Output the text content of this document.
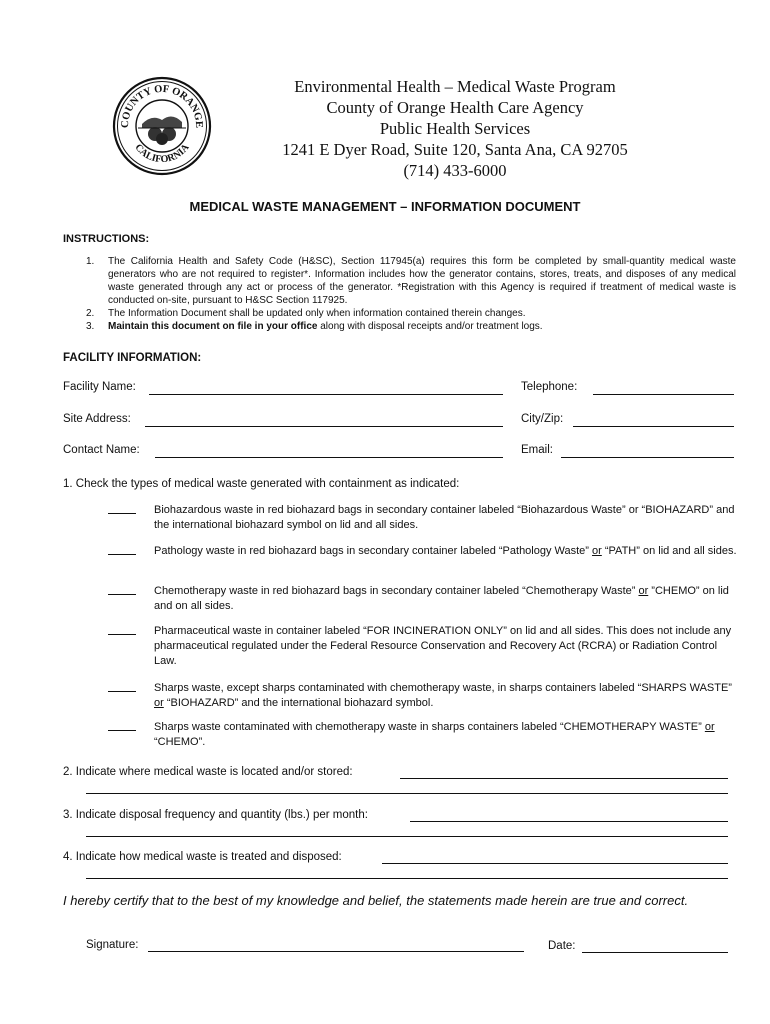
COUNTY OF ORANGE
CALIFORNIA
Environmental Health – Medical Waste Program
County of Orange Health Care Agency
Public Health Services
1241 E Dyer Road, Suite 120, Santa Ana, CA 92705
(714) 433-6000
MEDICAL WASTE MANAGEMENT – INFORMATION DOCUMENT
INSTRUCTIONS:
1.	The California Health and Safety Code (H&SC), Section 117945(a) requires this form be completed by small-quantity medical waste generators who are not required to register*. Information includes how the generator contains, stores, treats, and disposes of any medical waste generated through any act or process of the generator. *Registration with this Agency is required if treatment of medical waste is conducted on-site, pursuant to H&SC Section 117925.
2.	The Information Document shall be updated only when information contained therein changes.
3.	Maintain this document on file in your office along with disposal receipts and/or treatment logs.
FACILITY INFORMATION:
Facility Name:	Telephone:
Site Address:	City/Zip:
Contact Name:	Email:
1. Check the types of medical waste generated with containment as indicated:
Biohazardous waste in red biohazard bags in secondary container labeled “Biohazardous Waste” or “BIOHAZARD” and the international biohazard symbol on lid and all sides.
Pathology waste in red biohazard bags in secondary container labeled “Pathology Waste” or “PATH” on lid and all sides.
Chemotherapy waste in red biohazard bags in secondary container labeled “Chemotherapy Waste” or ”CHEMO” on lid and on all sides.
Pharmaceutical waste in container labeled “FOR INCINERATION ONLY” on lid and all sides. This does not include any pharmaceutical regulated under the Federal Resource Conservation and Recovery Act (RCRA) or Radiation Control Law.
Sharps waste, except sharps contaminated with chemotherapy waste, in sharps containers labeled “SHARPS WASTE” or “BIOHAZARD” and the international biohazard symbol.
Sharps waste contaminated with chemotherapy waste in sharps containers labeled “CHEMOTHERAPY WASTE” or “CHEMO”.
2. Indicate where medical waste is located and/or stored:
3. Indicate disposal frequency and quantity (lbs.) per month:
4. Indicate how medical waste is treated and disposed:
I hereby certify that to the best of my knowledge and belief, the statements made herein are true and correct.
Signature:	Date:
